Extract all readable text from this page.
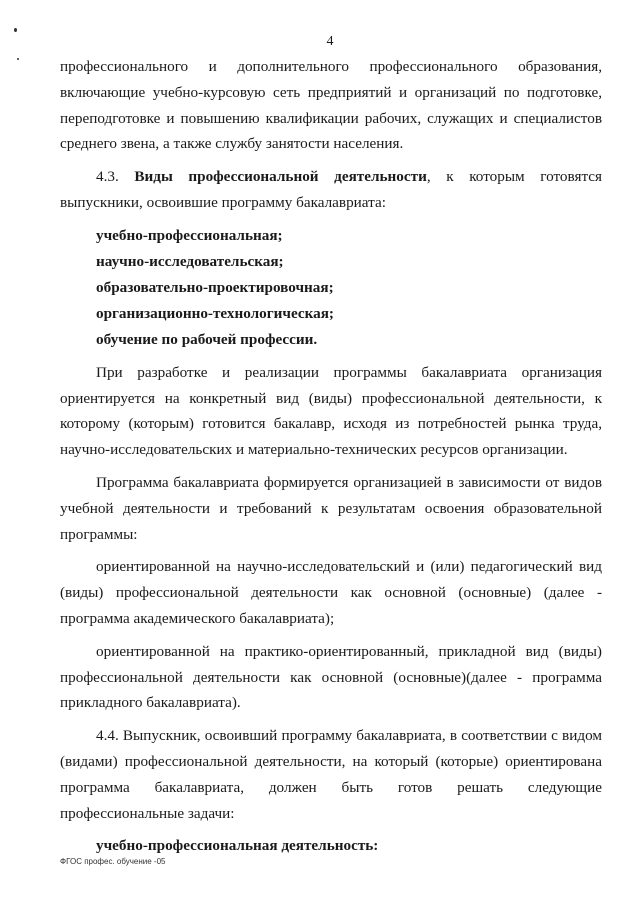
4

профессионального и дополнительного профессионального образования, включающие учебно-курсовую сеть предприятий и организаций по подготовке, переподготовке и повышению квалификации рабочих, служащих и специалистов среднего звена, а также службу занятости населения.

4.3. Виды профессиональной деятельности, к которым готовятся выпускники, освоившие программу бакалавриата:

учебно-профессиональная;

научно-исследовательская;

образовательно-проектировочная;

организационно-технологическая;

обучение по рабочей профессии.

При разработке и реализации программы бакалавриата организация ориентируется на конкретный вид (виды) профессиональной деятельности, к которому (которым) готовится бакалавр, исходя из потребностей рынка труда, научно-исследовательских и материально-технических ресурсов организации.

Программа бакалавриата формируется организацией в зависимости от видов учебной деятельности и требований к результатам освоения образовательной программы:

ориентированной на научно-исследовательский и (или) педагогический вид (виды) профессиональной деятельности как основной (основные) (далее - программа академического бакалавриата);

ориентированной на практико-ориентированный, прикладной вид (виды) профессиональной деятельности как основной (основные)(далее - программа прикладного бакалавриата).

4.4. Выпускник, освоивший программу бакалавриата, в соответствии с видом (видами) профессиональной деятельности, на который (которые) ориентирована программа бакалавриата, должен быть готов решать следующие профессиональные задачи:

учебно-профессиональная деятельность:

ФГОС профес. обучение -05
